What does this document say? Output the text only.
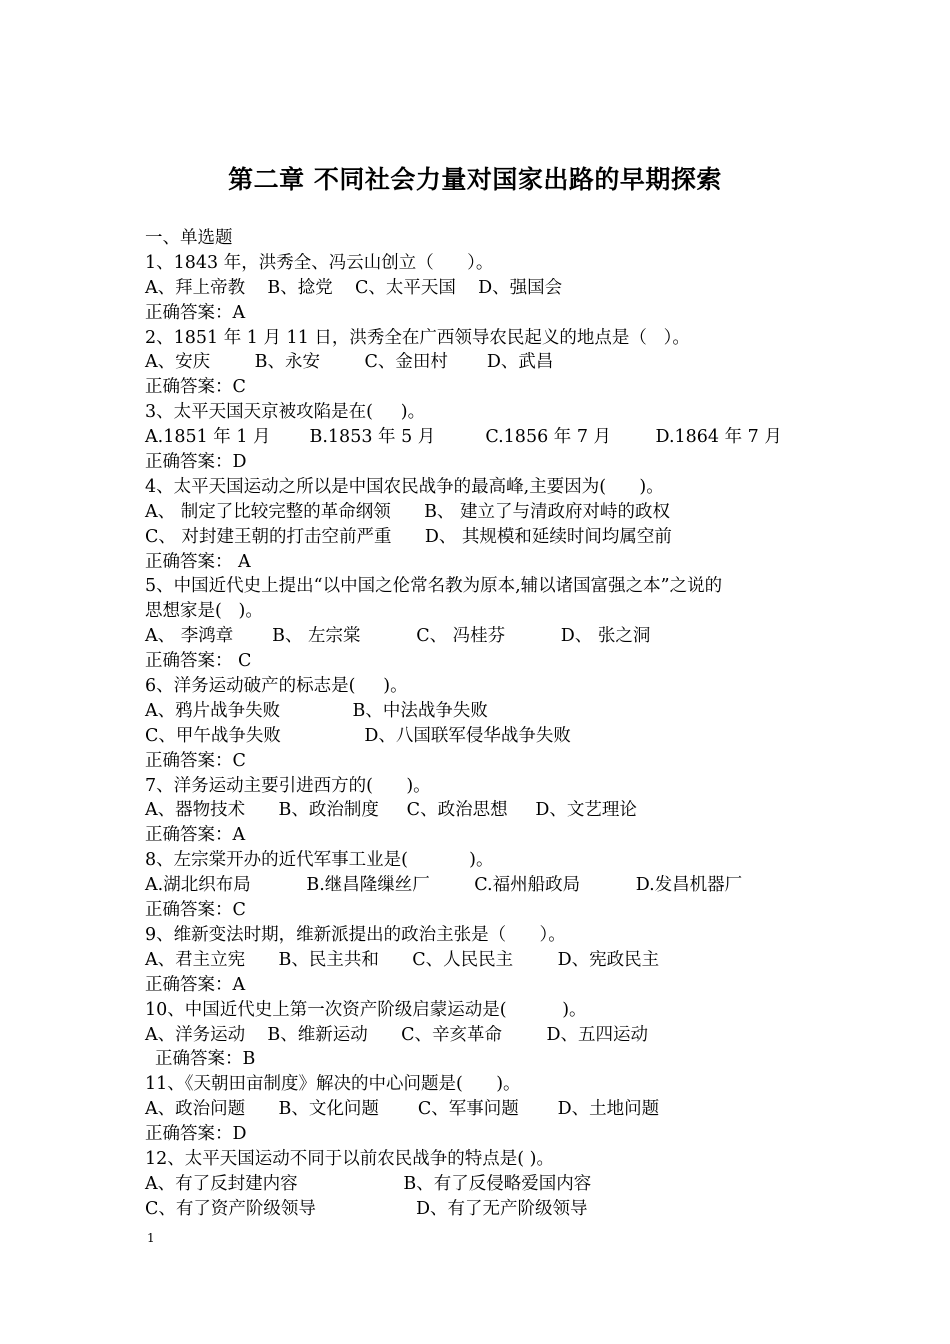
第二章 不同社会力量对国家出路的早期探索
一、单选题
1、1843 年，洪秀全、冯云山创立（      ）。
A、拜上帝教    B、捻党    C、太平天国    D、强国会
正确答案：A
2、1851 年 1 月 11 日，洪秀全在广西领导农民起义的地点是（   ）。
A、安庆        B、永安        C、金田村       D、武昌
正确答案：C
3、太平天国天京被攻陷是在(     )。
A.1851 年 1 月       B.1853 年 5 月         C.1856 年 7 月        D.1864 年 7 月
正确答案：D
4、太平天国运动之所以是中国农民战争的最高峰,主要因为(      )。
A、 制定了比较完整的革命纲领      B、 建立了与清政府对峙的政权
C、 对封建王朝的打击空前严重      D、 其规模和延续时间均属空前
正确答案： A
5、中国近代史上提出“以中国之伦常名教为原本,辅以诸国富强之本”之说的
思想家是(   )。
A、 李鸿章       B、 左宗棠          C、 冯桂芬          D、 张之洞
正确答案： C
6、洋务运动破产的标志是(     )。
A、鸦片战争失败             B、中法战争失败
C、甲午战争失败               D、八国联军侵华战争失败
正确答案：C
7、洋务运动主要引进西方的(      )。
A、器物技术      B、政治制度     C、政治思想     D、文艺理论
正确答案：A
8、左宗棠开办的近代军事工业是(           )。
A.湖北织布局          B.继昌隆缫丝厂        C.福州船政局          D.发昌机器厂
正确答案：C
9、维新变法时期，维新派提出的政治主张是（      ）。
A、君主立宪      B、民主共和      C、人民民主        D、宪政民主
正确答案：A
10、中国近代史上第一次资产阶级启蒙运动是(          )。
A、洋务运动    B、维新运动      C、辛亥革命        D、五四运动
正确答案：B
11、《天朝田亩制度》解决的中心问题是(      )。
A、政治问题      B、文化问题       C、军事问题       D、土地问题
正确答案：D
12、太平天国运动不同于以前农民战争的特点是( )。
A、有了反封建内容                   B、有了反侵略爱国内容
C、有了资产阶级领导                  D、有了无产阶级领导
1
